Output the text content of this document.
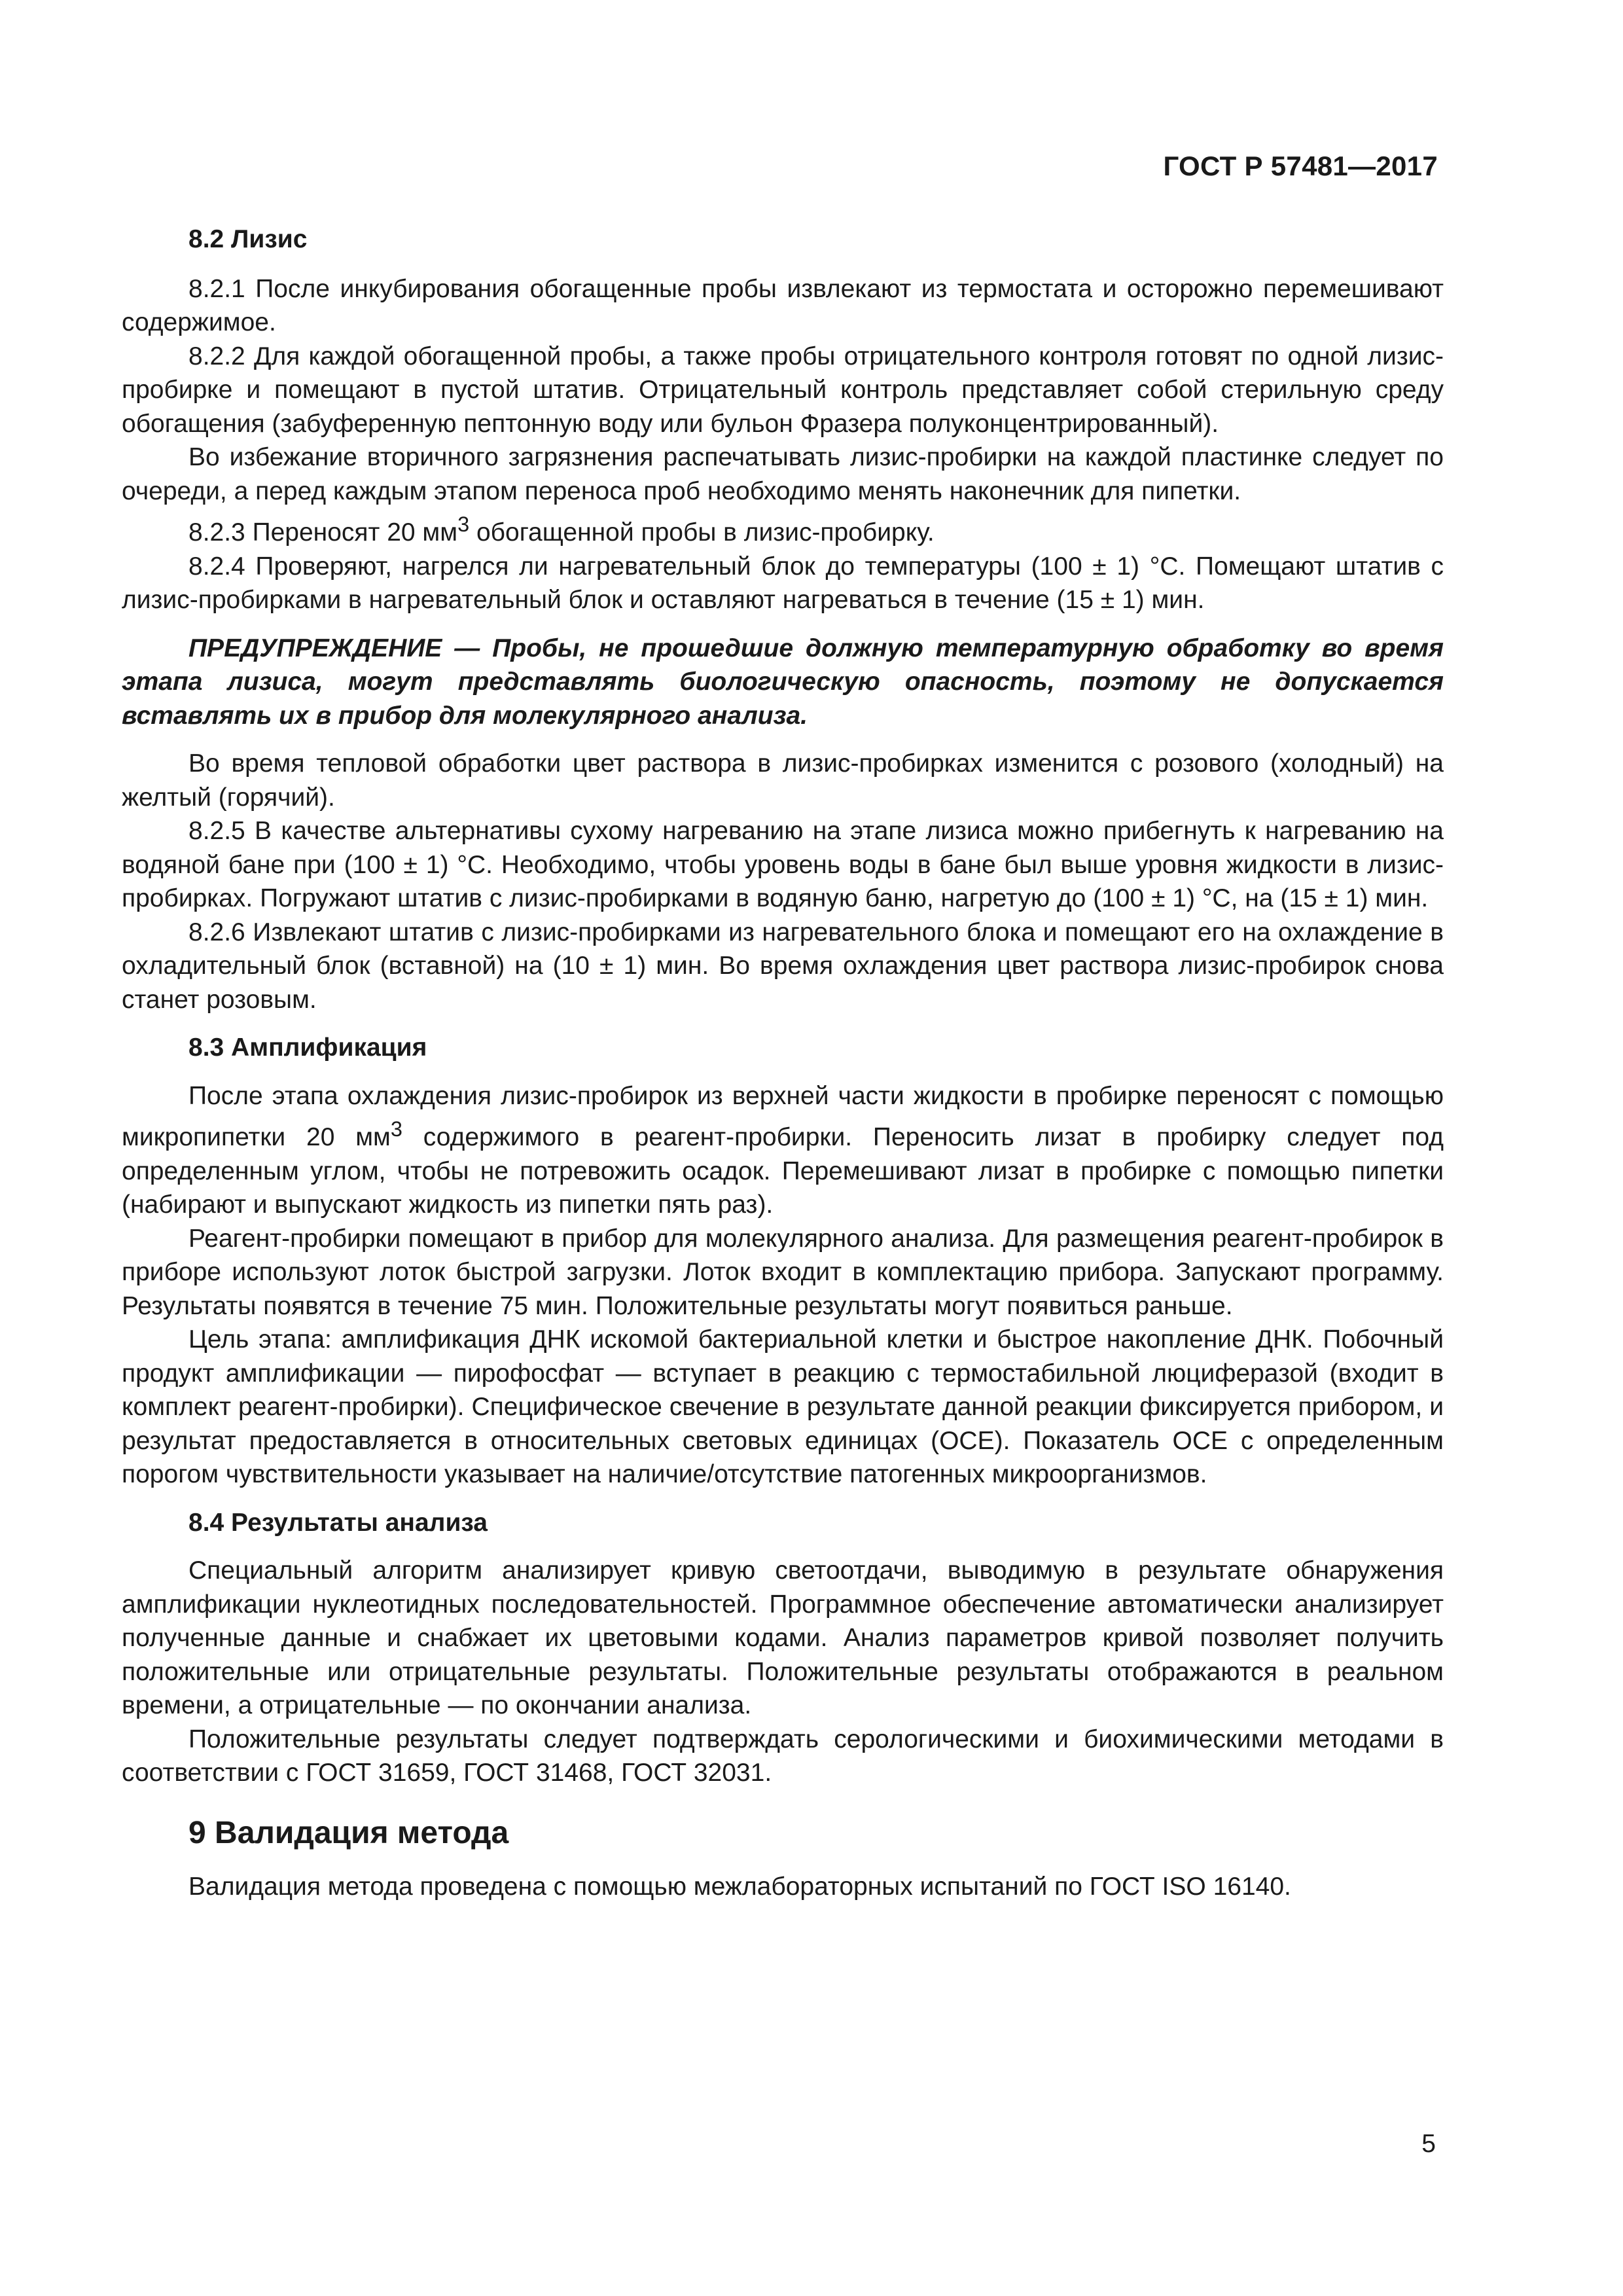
ГОСТ Р 57481—2017

8.2 Лизис

8.2.1 После инкубирования обогащенные пробы извлекают из термостата и осторожно перемешивают содержимое.

8.2.2 Для каждой обогащенной пробы, а также пробы отрицательного контроля готовят по одной лизис-пробирке и помещают в пустой штатив. Отрицательный контроль представляет собой стерильную среду обогащения (забуференную пептонную воду или бульон Фразера полуконцентрированный).

Во избежание вторичного загрязнения распечатывать лизис-пробирки на каждой пластинке следует по очереди, а перед каждым этапом переноса проб необходимо менять наконечник для пипетки.

8.2.3 Переносят 20 $мм^3$ обогащенной пробы в лизис-пробирку.

8.2.4 Проверяют, нагрелся ли нагревательный блок до температуры (100 ± 1) °С. Помещают штатив с лизис-пробирками в нагревательный блок и оставляют нагреваться в течение (15 ± 1) мин.

ПРЕДУПРЕЖДЕНИЕ — Пробы, не прошедшие должную температурную обработку во время этапа лизиса, могут представлять биологическую опасность, поэтому не допускается вставлять их в прибор для молекулярного анализа.

Во время тепловой обработки цвет раствора в лизис-пробирках изменится с розового (холодный) на желтый (горячий).

8.2.5 В качестве альтернативы сухому нагреванию на этапе лизиса можно прибегнуть к нагреванию на водяной бане при (100 ± 1) °С. Необходимо, чтобы уровень воды в бане был выше уровня жидкости в лизис-пробирках. Погружают штатив с лизис-пробирками в водяную баню, нагретую до (100 ± 1) °С, на (15 ± 1) мин.

8.2.6 Извлекают штатив с лизис-пробирками из нагревательного блока и помещают его на охлаждение в охладительный блок (вставной) на (10 ± 1) мин. Во время охлаждения цвет раствора лизис-пробирок снова станет розовым.

8.3 Амплификация

После этапа охлаждения лизис-пробирок из верхней части жидкости в пробирке переносят с помощью микропипетки 20 $мм^3$ содержимого в реагент-пробирки. Переносить лизат в пробирку следует под определенным углом, чтобы не потревожить осадок. Перемешивают лизат в пробирке с помощью пипетки (набирают и выпускают жидкость из пипетки пять раз).

Реагент-пробирки помещают в прибор для молекулярного анализа. Для размещения реагент-пробирок в приборе используют лоток быстрой загрузки. Лоток входит в комплектацию прибора. Запускают программу. Результаты появятся в течение 75 мин. Положительные результаты могут появиться раньше.

Цель этапа: амплификация ДНК искомой бактериальной клетки и быстрое накопление ДНК. Побочный продукт амплификации — пирофосфат — вступает в реакцию с термостабильной люциферазой (входит в комплект реагент-пробирки). Специфическое свечение в результате данной реакции фиксируется прибором, и результат предоставляется в относительных световых единицах (ОСЕ). Показатель ОСЕ с определенным порогом чувствительности указывает на наличие/отсутствие патогенных микроорганизмов.

8.4 Результаты анализа

Специальный алгоритм анализирует кривую светоотдачи, выводимую в результате обнаружения амплификации нуклеотидных последовательностей. Программное обеспечение автоматически анализирует полученные данные и снабжает их цветовыми кодами. Анализ параметров кривой позволяет получить положительные или отрицательные результаты. Положительные результаты отображаются в реальном времени, а отрицательные — по окончании анализа.

Положительные результаты следует подтверждать серологическими и биохимическими методами в соответствии с ГОСТ 31659, ГОСТ 31468, ГОСТ 32031.

9 Валидация метода

Валидация метода проведена с помощью межлабораторных испытаний по ГОСТ ISO 16140.

5
